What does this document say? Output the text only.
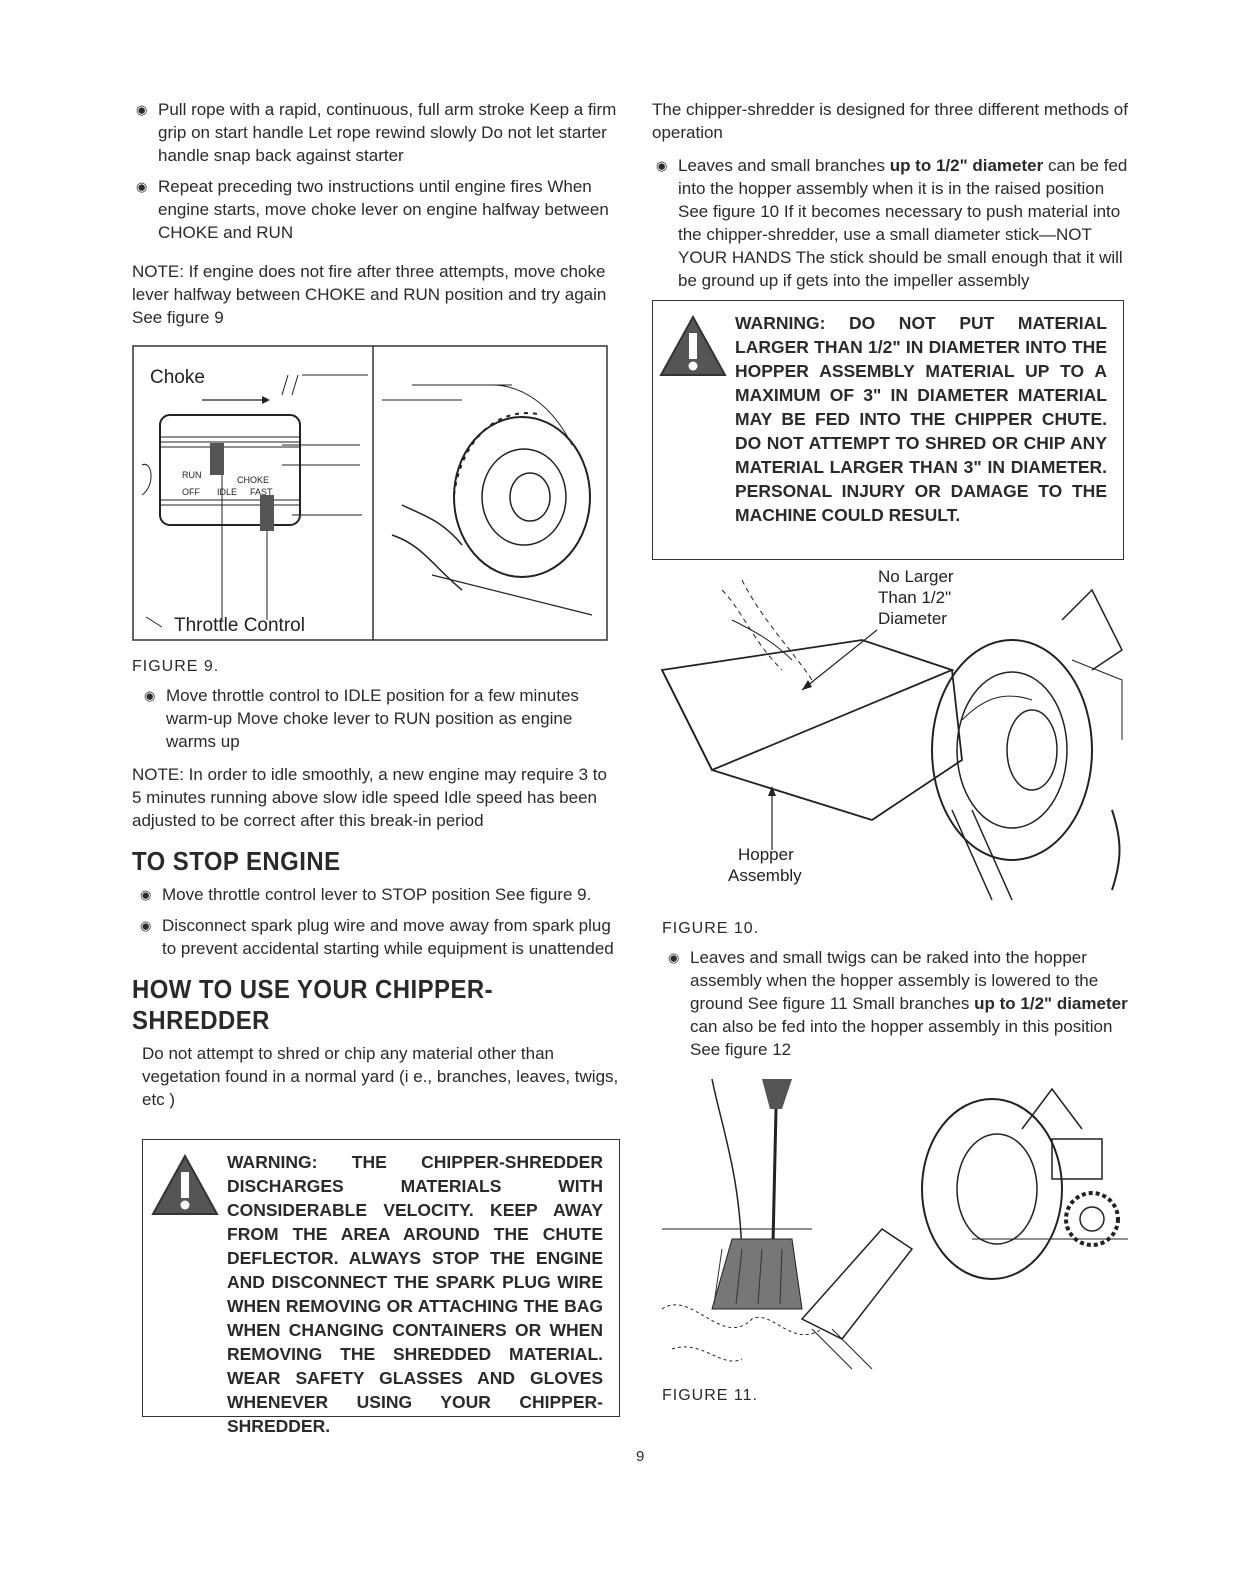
◉ Pull rope with a rapid, continuous, full arm stroke Keep a firm grip on start handle Let rope rewind slowly Do not let starter handle snap back against starter
◉ Repeat preceding two instructions until engine fires When engine starts, move choke lever on engine halfway between CHOKE and RUN

NOTE: If engine does not fire after three attempts, move choke lever halfway between CHOKE and RUN position and try again See figure 9

RUN	CHOKE
OFF IDLE FAST
Choke
Throttle Control
FIGURE 9.
◉ Move throttle control to IDLE position for a few minutes warm-up Move choke lever to RUN position as engine warms up

NOTE: In order to idle smoothly, a new engine may require 3 to 5 minutes running above slow idle speed Idle speed has been adjusted to be correct after this break-in period

TO STOP ENGINE
◉ Move throttle control lever to STOP position See figure 9.
◉ Disconnect spark plug wire and move away from spark plug to prevent accidental starting while equipment is unattended
HOW TO USE YOUR CHIPPER-SHREDDER

Do not attempt to shred or chip any material other than vegetation found in a normal yard (i e., branches, leaves, twigs, etc )

WARNING: THE CHIPPER-SHREDDER DISCHARGES MATERIALS WITH CONSIDERABLE VELOCITY. KEEP AWAY FROM THE AREA AROUND THE CHUTE DEFLECTOR. ALWAYS STOP THE ENGINE AND DISCONNECT THE SPARK PLUG WIRE WHEN REMOVING OR ATTACHING THE BAG WHEN CHANGING CONTAINERS OR WHEN REMOVING THE SHREDDED MATERIAL. WEAR SAFETY GLASSES AND GLOVES WHENEVER USING YOUR CHIPPER-SHREDDER.

The chipper-shredder is designed for three different methods of operation

◉ Leaves and small branches up to 1/2" diameter can be fed into the hopper assembly when it is in the raised position See figure 10 If it becomes necessary to push material into the chipper-shredder, use a small diameter stick—NOT YOUR HANDS The stick should be small enough that it will be ground up if gets into the impeller assembly
WARNING: DO NOT PUT MATERIAL LARGER THAN 1/2" IN DIAMETER INTO THE HOPPER ASSEMBLY MATERIAL UP TO A MAXIMUM OF 3" IN DIAMETER MATERIAL MAY BE FED INTO THE CHIPPER CHUTE. DO NOT ATTEMPT TO SHRED OR CHIP ANY MATERIAL LARGER THAN 3" IN DIAMETER. PERSONAL INJURY OR DAMAGE TO THE MACHINE COULD RESULT.
No Larger Than 1/2" Diameter
Hopper Assembly
FIGURE 10.
◉ Leaves and small twigs can be raked into the hopper assembly when the hopper assembly is lowered to the ground See figure 11 Small branches up to 1/2" diameter can also be fed into the hopper assembly in this position See figure 12
FIGURE 11.
9
